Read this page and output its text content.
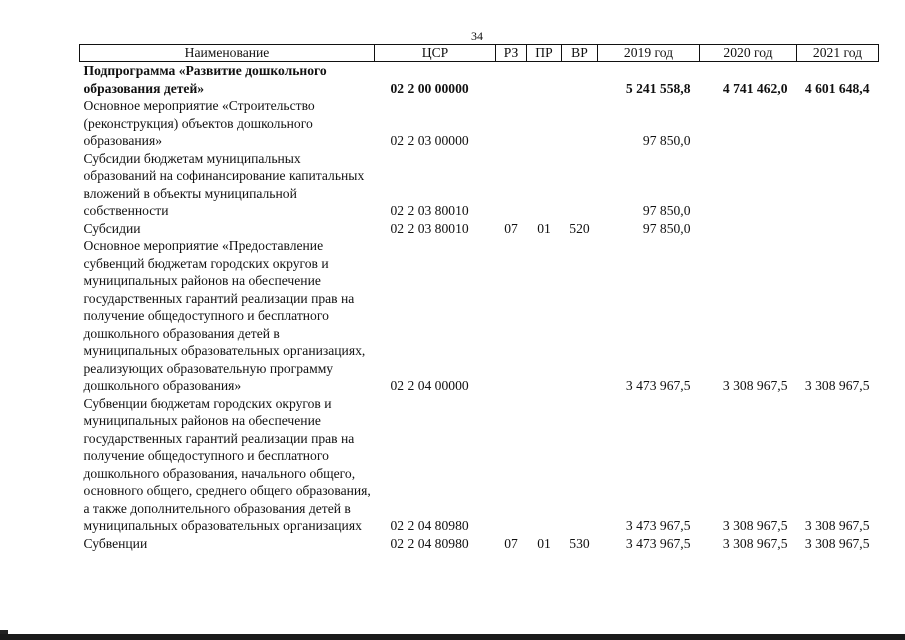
34
Наименование	ЦСР	РЗ	ПР	ВР	2019 год	2020 год	2021 год
Подпрограмма «Развитие дошкольного образования детей»	02 2 00 00000				5 241 558,8	4 741 462,0	4 601 648,4
Основное мероприятие «Строительство (реконструкция) объектов дошкольного образования»	02 2 03 00000				97 850,0		
Субсидии бюджетам муниципальных образований на софинансирование капитальных вложений в объекты муниципальной собственности	02 2 03 80010				97 850,0		
Субсидии	02 2 03 80010	07	01	520	97 850,0		
Основное мероприятие «Предоставление субвенций бюджетам городских округов и муниципальных районов на обеспечение государственных гарантий реализации прав на получение общедоступного и бесплатного дошкольного образования детей в муниципальных образовательных организациях, реализующих образовательную программу дошкольного образования»	02 2 04 00000				3 473 967,5	3 308 967,5	3 308 967,5
Субвенции бюджетам городских округов и муниципальных районов на обеспечение государственных гарантий реализации прав на получение общедоступного и бесплатного дошкольного образования, начального общего, основного общего, среднего общего образования, а также дополнительного образования детей в муниципальных образовательных организациях	02 2 04 80980				3 473 967,5	3 308 967,5	3 308 967,5
Субвенции	02 2 04 80980	07	01	530	3 473 967,5	3 308 967,5	3 308 967,5
